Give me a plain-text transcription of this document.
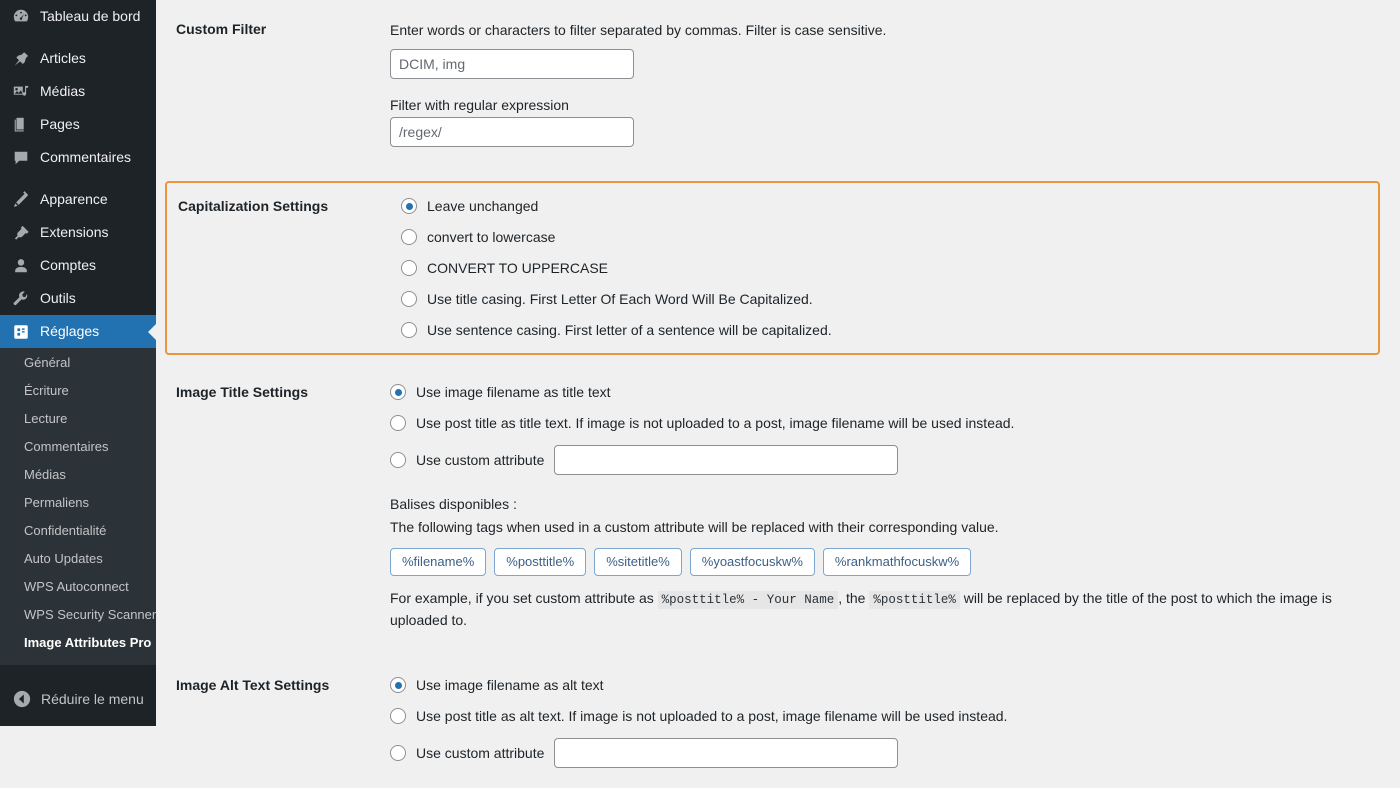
Tableau de bord
Articles
Médias
Pages
Commentaires
Apparence
Extensions
Comptes
Outils
Réglages
Général
Écriture
Lecture
Commentaires
Médias
Permaliens
Confidentialité
Auto Updates
WPS Autoconnect
WPS Security Scanner
Image Attributes Pro
Réduire le menu
Custom Filter	Enter words or characters to filter separated by commas. Filter is case sensitive.

DCIM, img

Filter with regular expression

/regex/
Capitalization Settings	Leave unchanged
convert to lowercase
CONVERT TO UPPERCASE
Use title casing. First Letter Of Each Word Will Be Capitalized.
Use sentence casing. First letter of a sentence will be capitalized.
Image Title Settings	Use image filename as title text
Use post title as title text. If image is not uploaded to a post, image filename will be used instead.
Use custom attribute

Balises disponibles :

The following tags when used in a custom attribute will be replaced with their corresponding value.

%filename%	%posttitle%	%sitetitle%	%yoastfocuskw%	%rankmathfocuskw%

For example, if you set custom attribute as %posttitle% - Your Name , the %posttitle% will be replaced by the title of the post to which the image is uploaded to.

Image Alt Text Settings	Use image filename as alt text
Use post title as alt text. If image is not uploaded to a post, image filename will be used instead.
Use custom attribute
